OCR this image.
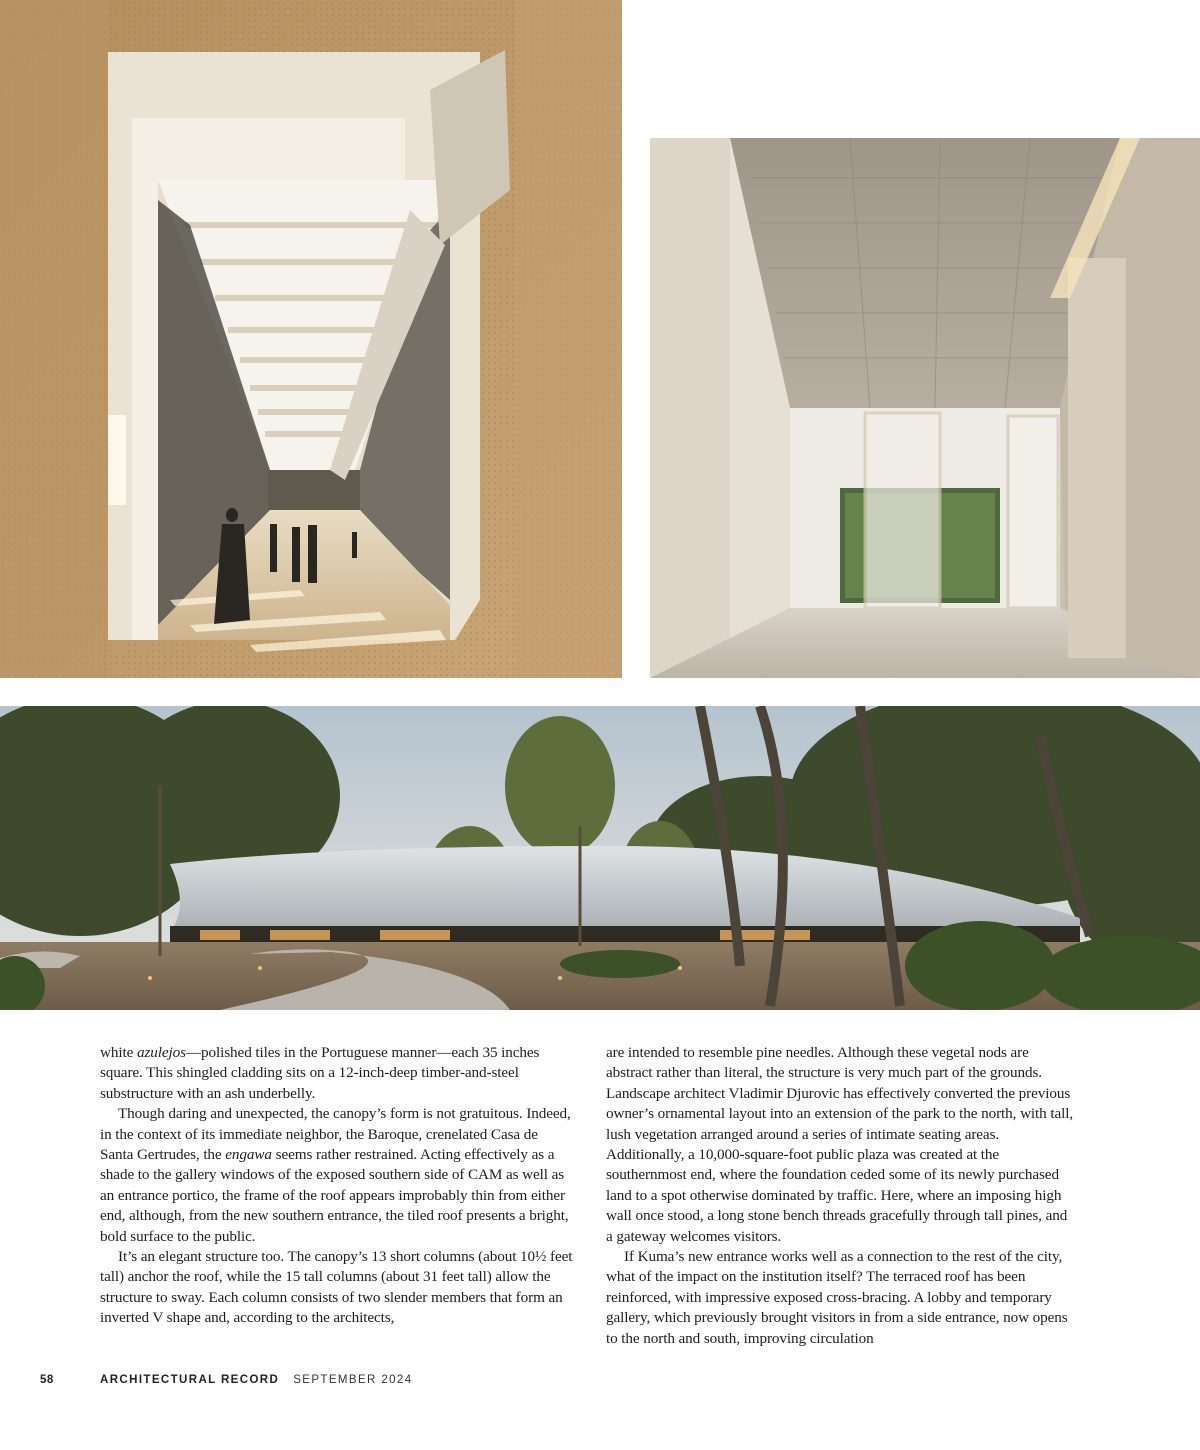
white azulejos—polished tiles in the Portuguese manner—each 35 inches square. This shingled cladding sits on a 12-inch-deep timber-and-steel substructure with an ash underbelly.

Though daring and unexpected, the canopy’s form is not gratuitous. Indeed, in the context of its immediate neighbor, the Baroque, crenelated Casa de Santa Gertrudes, the engawa seems rather restrained. Acting effectively as a shade to the gallery windows of the exposed southern side of CAM as well as an entrance portico, the frame of the roof appears improbably thin from either end, although, from the new southern entrance, the tiled roof presents a bright, bold surface to the public.

It’s an elegant structure too. The canopy’s 13 short columns (about 10½ feet tall) anchor the roof, while the 15 tall columns (about 31 feet tall) allow the structure to sway. Each column consists of two slender members that form an inverted V shape and, according to the architects,

are intended to resemble pine needles. Although these vegetal nods are abstract rather than literal, the structure is very much part of the grounds. Landscape architect Vladimir Djurovic has effectively converted the previous owner’s ornamental layout into an extension of the park to the north, with tall, lush vegetation arranged around a series of intimate seating areas. Additionally, a 10,000-square-foot public plaza was created at the southernmost end, where the foundation ceded some of its newly purchased land to a spot otherwise dominated by traffic. Here, where an imposing high wall once stood, a long stone bench threads gracefully through tall pines, and a gateway welcomes visitors.

If Kuma’s new entrance works well as a connection to the rest of the city, what of the impact on the institution itself? The terraced roof has been reinforced, with impressive exposed cross-bracing. A lobby and temporary gallery, which previously brought visitors in from a side entrance, now opens to the north and south, improving circulation

58	ARCHITECTURAL RECORD SEPTEMBER 2024
